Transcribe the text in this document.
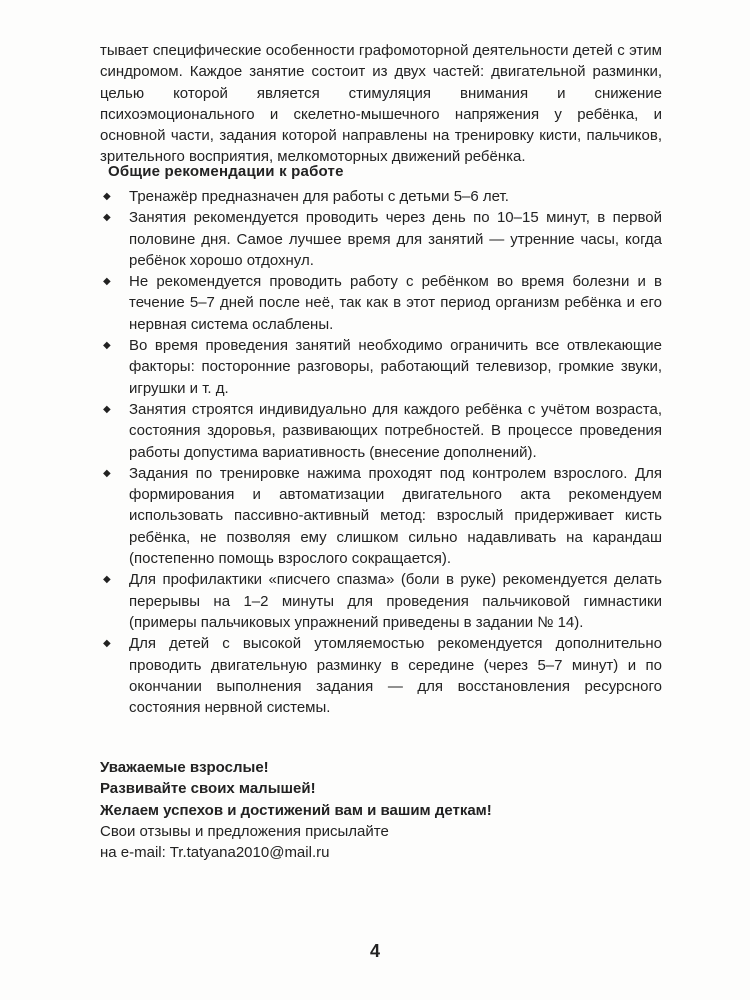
тывает специфические особенности графомоторной деятельности детей с этим синдромом. Каждое занятие состоит из двух частей: двигательной разминки, целью которой является стимуляция внимания и снижение психоэмоционального и скелетно-мышечного напряжения у ребёнка, и основной части, задания которой направлены на тренировку кисти, пальчиков, зрительного восприятия, мелкомоторных движений ребёнка.

Общие рекомендации к работе
◆ Тренажёр предназначен для работы с детьми 5–6 лет.
◆ Занятия рекомендуется проводить через день по 10–15 минут, в первой половине дня. Самое лучшее время для занятий — утренние часы, когда ребёнок хорошо отдохнул.
◆ Не рекомендуется проводить работу с ребёнком во время болезни и в течение 5–7 дней после неё, так как в этот период организм ребёнка и его нервная система ослаблены.
◆ Во время проведения занятий необходимо ограничить все отвлекающие факторы: посторонние разговоры, работающий телевизор, громкие звуки, игрушки и т. д.
◆ Занятия строятся индивидуально для каждого ребёнка с учётом возраста, состояния здоровья, развивающих потребностей. В процессе проведения работы допустима вариативность (внесение дополнений).
◆ Задания по тренировке нажима проходят под контролем взрослого. Для формирования и автоматизации двигательного акта рекомендуем использовать пассивно-активный метод: взрослый придерживает кисть ребёнка, не позволяя ему слишком сильно надавливать на карандаш (постепенно помощь взрослого сокращается).
◆ Для профилактики «писчего спазма» (боли в руке) рекомендуется делать перерывы на 1–2 минуты для проведения пальчиковой гимнастики (примеры пальчиковых упражнений приведены в задании № 14).
◆ Для детей с высокой утомляемостью рекомендуется дополнительно проводить двигательную разминку в середине (через 5–7 минут) и по окончании выполнения задания — для восстановления ресурсного состояния нервной системы.

Уважаемые взрослые!

Развивайте своих малышей!

Желаем успехов и достижений вам и вашим деткам!

Свои отзывы и предложения присылайте

на e-mail: Tr.tatyana2010@mail.ru

4
